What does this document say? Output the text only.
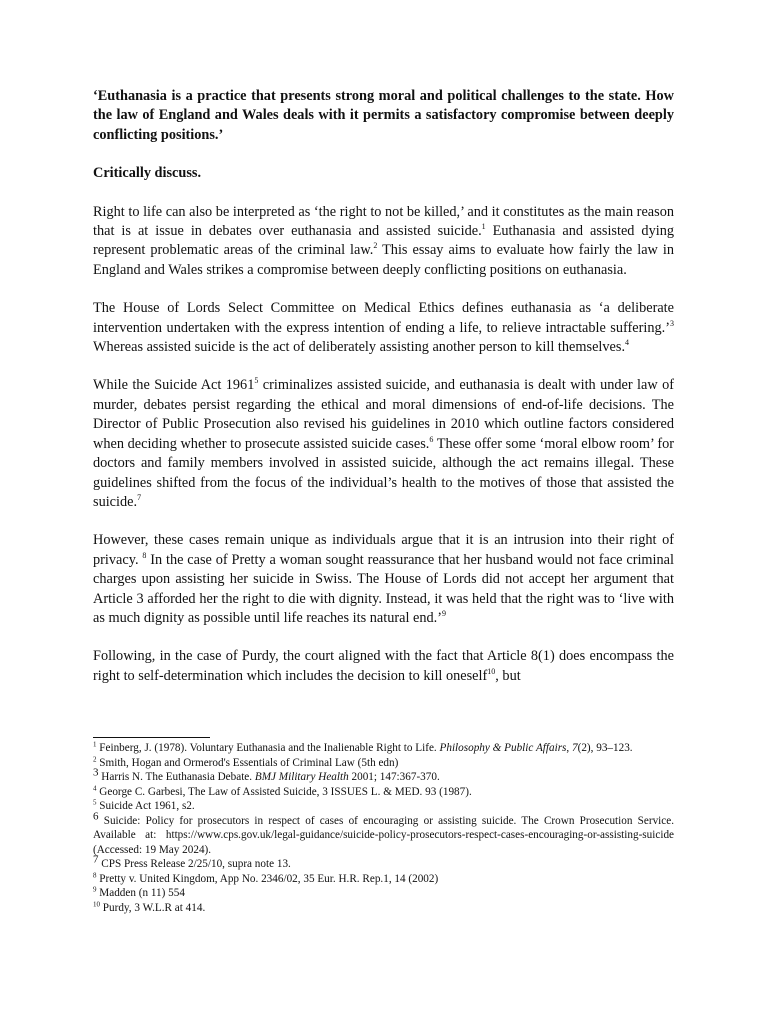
‘Euthanasia is a practice that presents strong moral and political challenges to the state. How the law of England and Wales deals with it permits a satisfactory compromise between deeply conflicting positions.’

Critically discuss.

Right to life can also be interpreted as ‘the right to not be killed,’ and it constitutes as the main reason that is at issue in debates over euthanasia and assisted suicide.$^1$ Euthanasia and assisted dying represent problematic areas of the criminal law.$^2$ This essay aims to evaluate how fairly the law in England and Wales strikes a compromise between deeply conflicting positions on euthanasia.

The House of Lords Select Committee on Medical Ethics defines euthanasia as ‘a deliberate intervention undertaken with the express intention of ending a life, to relieve intractable suffering.’$^3$ Whereas assisted suicide is the act of deliberately assisting another person to kill themselves.$^4$

While the Suicide Act 1961$^5$ criminalizes assisted suicide, and euthanasia is dealt with under law of murder, debates persist regarding the ethical and moral dimensions of end-of-life decisions. The Director of Public Prosecution also revised his guidelines in 2010 which outline factors considered when deciding whether to prosecute assisted suicide cases.$^6$ These offer some ‘moral elbow room’ for doctors and family members involved in assisted suicide, although the act remains illegal. These guidelines shifted from the focus of the individual’s health to the motives of those that assisted the suicide.$^7$

However, these cases remain unique as individuals argue that it is an intrusion into their right of privacy. $^8$ In the case of Pretty a woman sought reassurance that her husband would not face criminal charges upon assisting her suicide in Swiss. The House of Lords did not accept her argument that Article 3 afforded her the right to die with dignity. Instead, it was held that the right was to ‘live with as much dignity as possible until life reaches its natural end.’$^9$

Following, in the case of Purdy, the court aligned with the fact that Article 8(1) does encompass the right to self-determination which includes the decision to kill oneself$^{10}$, but

$^1$ Feinberg, J. (1978). Voluntary Euthanasia and the Inalienable Right to Life. Philosophy & Public Affairs, 7(2), 93–123.

$^2$ Smith, Hogan and Ormerod's Essentials of Criminal Law (5th edn)

3 Harris N. The Euthanasia Debate. BMJ Military Health 2001; 147:367-370.

$^4$ George C. Garbesi, The Law of Assisted Suicide, 3 ISSUES L. & MED. 93 (1987).

$^5$ Suicide Act 1961, s2.

6 Suicide: Policy for prosecutors in respect of cases of encouraging or assisting suicide. The Crown Prosecution Service. Available at: https://www.cps.gov.uk/legal-guidance/suicide-policy-prosecutors-respect-cases-encouraging-or-assisting-suicide (Accessed: 19 May 2024).

7 CPS Press Release 2/25/10, supra note 13.

$^8$ Pretty v. United Kingdom, App No. 2346/02, 35 Eur. H.R. Rep.1, 14 (2002)

$^9$ Madden (n 11) 554

$^{10}$ Purdy, 3 W.L.R at 414.
